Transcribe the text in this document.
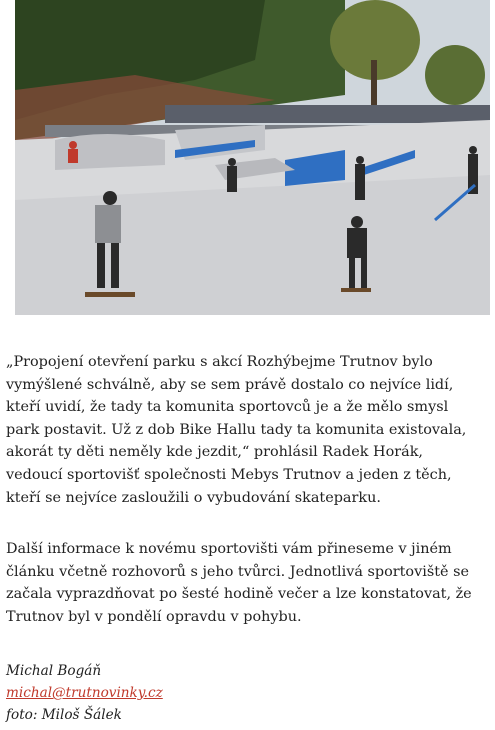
„Propojení otevření parku s akcí Rozhýbejme Trutnov bylo vymýšlené schválně, aby se sem právě dostalo co nejvíce lidí, kteří uvidí, že tady ta komunita sportovců je a že mělo smysl park postavit. Už z dob Bike Hallu tady ta komunita existovala, akorát ty děti neměly kde jezdit,“ prohlásil Radek Horák, vedoucí sportovišť společnosti Mebys Trutnov a jeden z těch, kteří se nejvíce zasloužili o vybudování skateparku.

Další informace k novému sportovišti vám přineseme v jiném článku včetně rozhovorů s jeho tvůrci. Jednotlivá sportoviště se začala vyprazdňovat po šesté hodině večer a lze konstatovat, že Trutnov byl v pondělí opravdu v pohybu.

Michal Bogáň
michal@trutnovinky.cz
foto: Miloš Šálek
